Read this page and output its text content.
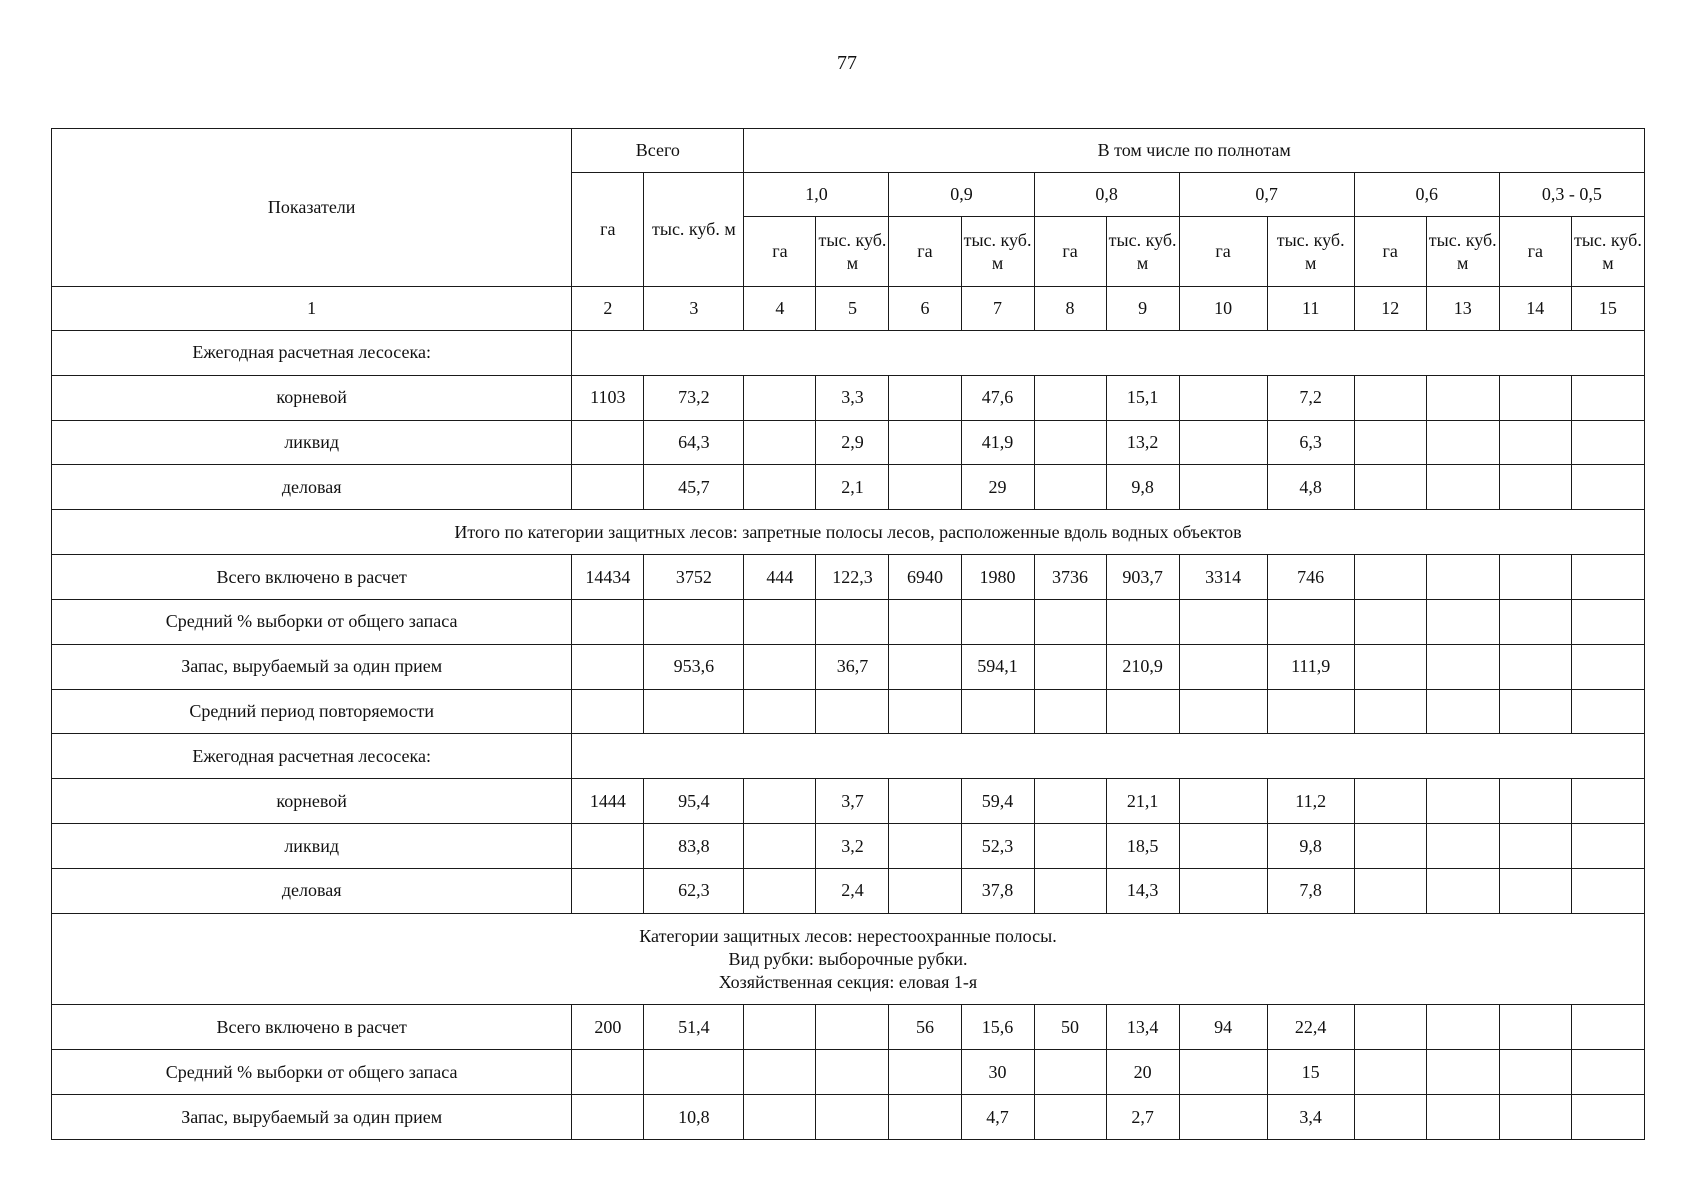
77
Показатели	Всего		В том числе по полнотам											
	га	тыс. куб. м	1,0		0,9		0,8		0,7		0,6		0,3 - 0,5	
			га	тыс. куб. м	га	тыс. куб. м	га	тыс. куб. м	га	тыс. куб. м	га	тыс. куб. м	га	тыс. куб. м
1	2	3	4	5	6	7	8	9	10	11	12	13	14	15
Ежегодная расчетная лесосека:														
корневой	1103	73,2		3,3		47,6		15,1		7,2				
ликвид		64,3		2,9		41,9		13,2		6,3				
деловая		45,7		2,1		29		9,8		4,8				
Итого по категории защитных лесов: запретные полосы лесов, расположенные вдоль водных объектов														
Всего включено в расчет	14434	3752	444	122,3	6940	1980	3736	903,7	3314	746				
Средний % выборки от общего запаса														
Запас, вырубаемый за один прием		953,6		36,7		594,1		210,9		111,9				
Средний период повторяемости														
Ежегодная расчетная лесосека:														
корневой	1444	95,4		3,7		59,4		21,1		11,2				
ликвид		83,8		3,2		52,3		18,5		9,8				
деловая		62,3		2,4		37,8		14,3		7,8				
Категории защитных лесов: нерестоохранные полосы.
Вид рубки: выборочные рубки.
Хозяйственная секция: еловая 1-я														
Всего включено в расчет	200	51,4			56	15,6	50	13,4	94	22,4				
Средний % выборки от общего запаса						30		20		15				
Запас, вырубаемый за один прием		10,8				4,7		2,7		3,4				
